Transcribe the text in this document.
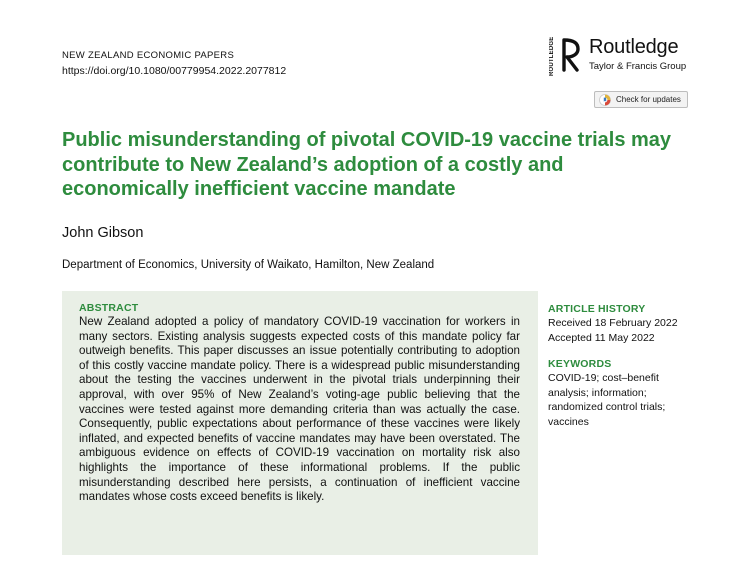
NEW ZEALAND ECONOMIC PAPERS
https://doi.org/10.1080/00779954.2022.2077812	ROUTLEDGE Routledge
Taylor & Francis Group
Check for updates
Public misunderstanding of pivotal COVID-19 vaccine trials may contribute to New Zealand’s adoption of a costly and economically inefficient vaccine mandate
John Gibson
Department of Economics, University of Waikato, Hamilton, New Zealand
ABSTRACT

New Zealand adopted a policy of mandatory COVID-19 vaccination for workers in many sectors. Existing analysis suggests expected costs of this mandate policy far outweigh benefits. This paper discusses an issue potentially contributing to adoption of this costly vaccine mandate policy. There is a widespread public misunderstanding about the testing the vaccines underwent in the pivotal trials underpinning their approval, with over 95% of New Zealand’s voting-age public believing that the vaccines were tested against more demanding criteria than was actually the case. Consequently, public expectations about performance of these vaccines were likely inflated, and expected benefits of vaccine mandates may have been overstated. The ambiguous evidence on effects of COVID-19 vaccination on mortality risk also highlights the importance of these informational problems. If the public misunderstanding described here persists, a continuation of inefficient vaccine mandates whose costs exceed benefits is likely.

ARTICLE HISTORY
Received 18 February 2022
Accepted 11 May 2022
KEYWORDS
COVID-19; cost–benefit analysis; information; randomized control trials; vaccines
